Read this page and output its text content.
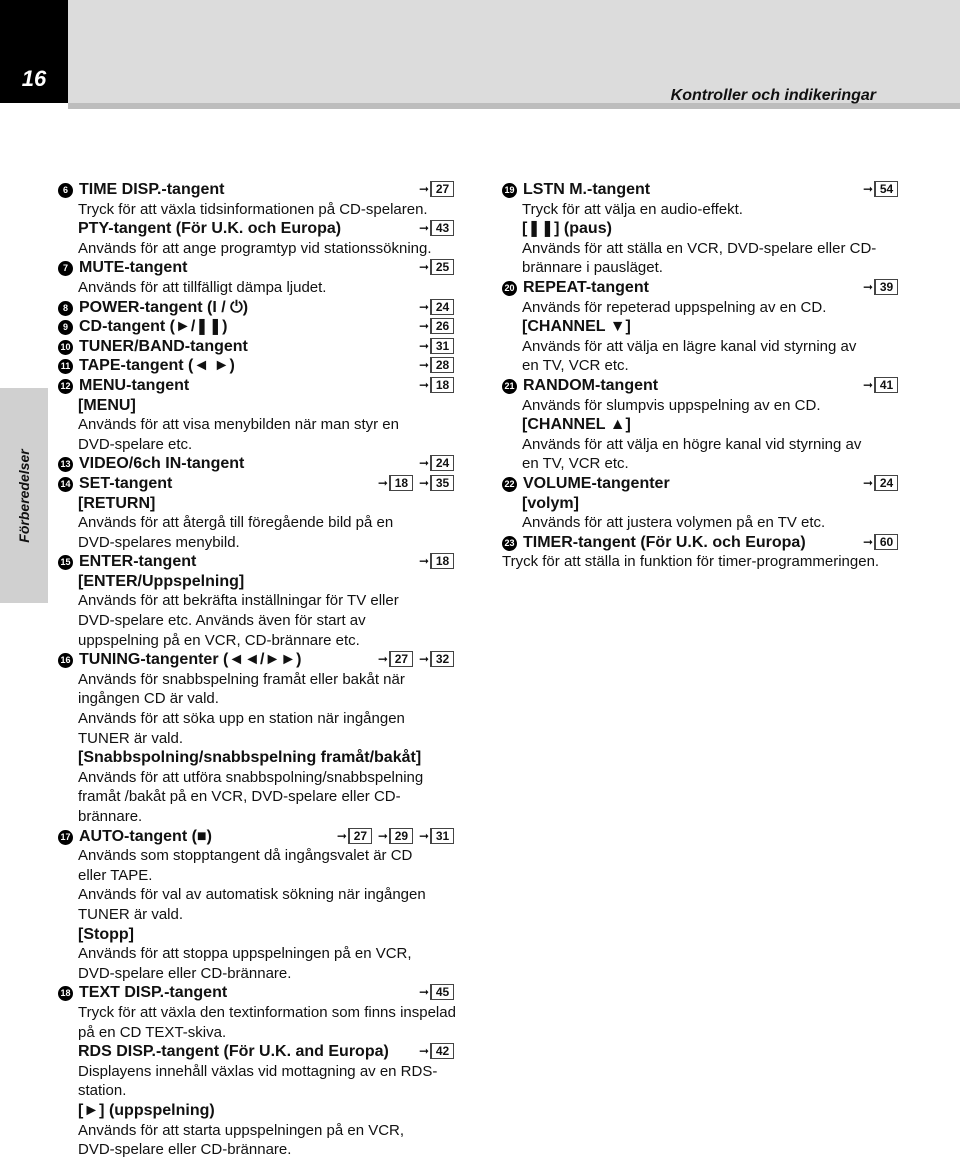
16
Kontroller och indikeringar
Förberedelser
6 TIME DISP.-tangent	➞ 27
Tryck för att växla tidsinformationen på CD-spelaren.
PTY-tangent (För U.K. och Europa)	➞ 43
Används för att ange programtyp vid stationssökning.
7 MUTE-tangent	➞ 25
Används för att tillfälligt dämpa ljudet.
8 POWER-tangent (I / ⏻)	➞ 24
9 CD-tangent (►/❚❚)	➞ 26
10 TUNER/BAND-tangent	➞ 31
11 TAPE-tangent (◄ ►)	➞ 28
12 MENU-tangent	➞ 18
[MENU]
Används för att visa menybilden när man styr en
DVD-spelare etc.
13 VIDEO/6ch IN-tangent	➞ 24
14 SET-tangent	➞ 18 ➞ 35
[RETURN]
Används för att återgå till föregående bild på en
DVD-spelares menybild.
15 ENTER-tangent	➞ 18
[ENTER/Uppspelning]
Används för att bekräfta inställningar för TV eller
DVD-spelare etc. Används även för start av
uppspelning på en VCR, CD-brännare etc.
16 TUNING-tangenter (◄◄/►►)	➞ 27 ➞ 32
Används för snabbspelning framåt eller bakåt när
ingången CD är vald.
Används för att söka upp en station när ingången
TUNER är vald.
[Snabbspolning/snabbspelning framåt/bakåt]
Används för att utföra snabbspolning/snabbspelning
framåt /bakåt på en VCR, DVD-spelare eller CD-
brännare.
17 AUTO-tangent (■)	➞ 27 ➞ 29 ➞ 31
Används som stopptangent då ingångsvalet är CD
eller TAPE.
Används för val av automatisk sökning när ingången
TUNER är vald.
[Stopp]
Används för att stoppa uppspelningen på en VCR,
DVD-spelare eller CD-brännare.
18 TEXT DISP.-tangent	➞ 45
Tryck för att växla den textinformation som finns inspelad
på en CD TEXT-skiva.
RDS DISP.-tangent (För U.K. and Europa)	➞ 42
Displayens innehåll växlas vid mottagning av en RDS-
station.
[►] (uppspelning)
Används för att starta uppspelningen på en VCR,
DVD-spelare eller CD-brännare.
19 LSTN M.-tangent	➞ 54
Tryck för att välja en audio-effekt.
[❚❚] (paus)
Används för att ställa en VCR, DVD-spelare eller CD-
brännare i pausläget.
20 REPEAT-tangent	➞ 39
Används för repeterad uppspelning av en CD.
[CHANNEL ▼]
Används för att välja en lägre kanal vid styrning av
en TV, VCR etc.
21 RANDOM-tangent	➞ 41
Används för slumpvis uppspelning av en CD.
[CHANNEL ▲]
Används för att välja en högre kanal vid styrning av
en TV, VCR etc.
22 VOLUME-tangenter	➞ 24
[volym]
Används för att justera volymen på en TV etc.
23 TIMER-tangent (För U.K. och Europa)	➞ 60
Tryck för att ställa in funktion för timer-programmeringen.
